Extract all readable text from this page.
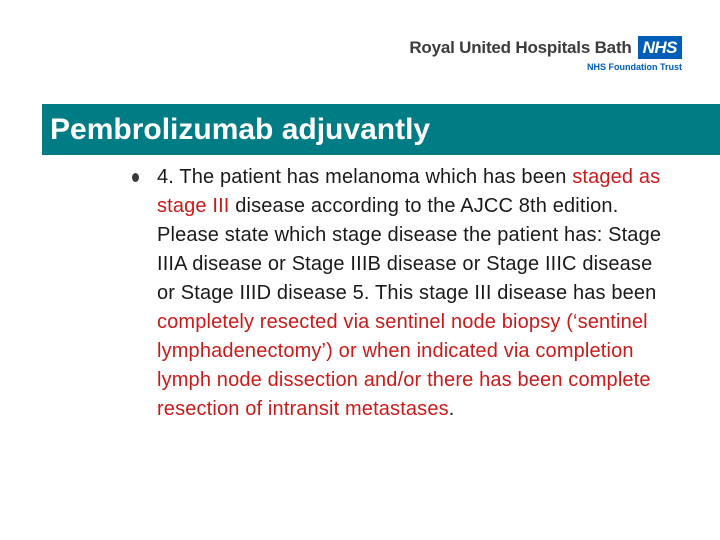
Royal United Hospitals Bath NHS
NHS Foundation Trust
Pembrolizumab adjuvantly
4. The patient has melanoma which has been staged as stage III disease according to the AJCC 8th edition. Please state which stage disease the patient has: Stage IIIA disease or Stage IIIB disease or Stage IIIC disease or Stage IIID disease 5. This stage III disease has been completely resected via sentinel node biopsy (‘sentinel lymphadenectomy’) or when indicated via completion lymph node dissection and/or there has been complete resection of intransit metastases.
